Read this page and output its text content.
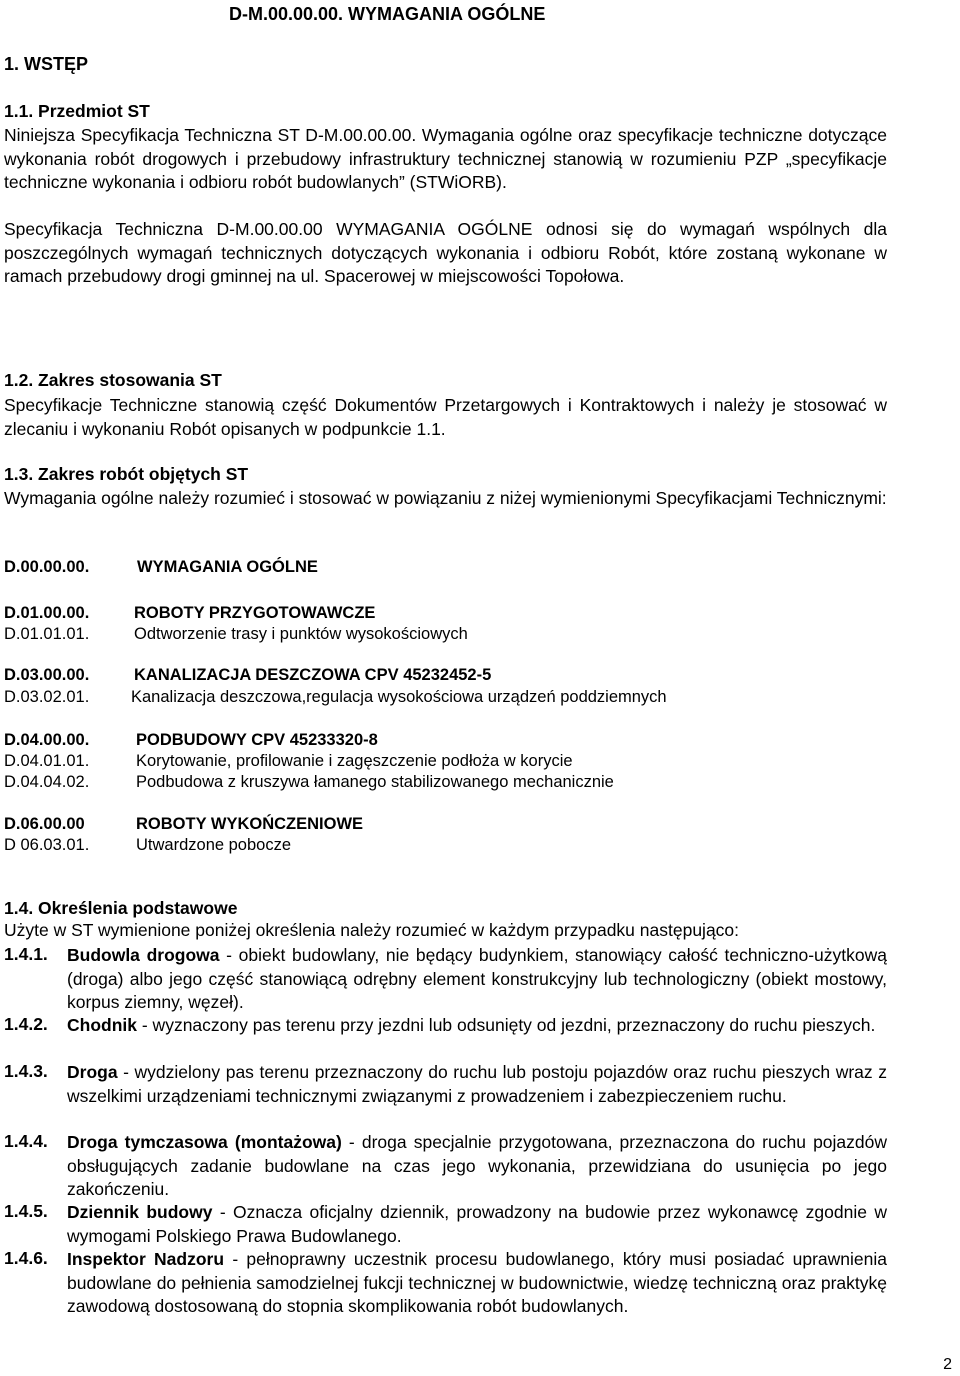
D-M.00.00.00. WYMAGANIA OGÓLNE
1. WSTĘP
1.1. Przedmiot ST
Niniejsza Specyfikacja Techniczna ST D-M.00.00.00. Wymagania ogólne oraz specyfikacje techniczne dotyczące wykonania robót drogowych i przebudowy infrastruktury technicznej stanowią w rozumieniu PZP „specyfikacje techniczne wykonania i odbioru robót budowlanych” (STWiORB).
Specyfikacja Techniczna D-M.00.00.00 WYMAGANIA OGÓLNE odnosi się do wymagań wspólnych dla poszczególnych wymagań technicznych dotyczących wykonania i odbioru Robót, które zostaną wykonane w ramach przebudowy drogi gminnej na ul. Spacerowej w miejscowości Topołowa.
1.2. Zakres stosowania ST
Specyfikacje Techniczne stanowią część Dokumentów Przetargowych i Kontraktowych i należy je stosować w zlecaniu i wykonaniu Robót opisanych w podpunkcie 1.1.
1.3. Zakres robót objętych ST
Wymagania ogólne należy rozumieć i stosować w powiązaniu z niżej wymienionymi Specyfikacjami Technicznymi:
D.00.00.00.	WYMAGANIA OGÓLNE
D.01.00.00.	ROBOTY PRZYGOTOWAWCZE
D.01.01.01.	Odtworzenie trasy i punktów wysokościowych
D.03.00.00.	KANALIZACJA DESZCZOWA CPV 45232452-5
D.03.02.01.	Kanalizacja deszczowa,regulacja wysokościowa urządzeń poddziemnych
D.04.00.00.	PODBUDOWY CPV 45233320-8
D.04.01.01.	Korytowanie, profilowanie i zagęszczenie podłoża w korycie
D.04.04.02.	Podbudowa z kruszywa łamanego stabilizowanego mechanicznie
D.06.00.00	ROBOTY WYKOŃCZENIOWE
D 06.03.01.	Utwardzone pobocze
1.4. Określenia podstawowe
Użyte w ST wymienione poniżej określenia należy rozumieć w każdym przypadku następująco:
1.4.1. Budowla drogowa - obiekt budowlany, nie będący budynkiem, stanowiący całość techniczno-użytkową (droga) albo jego część stanowiącą odrębny element konstrukcyjny lub technologiczny (obiekt mostowy, korpus ziemny, węzeł).
1.4.2. Chodnik - wyznaczony pas terenu przy jezdni lub odsunięty od jezdni, przeznaczony do ruchu pieszych.
1.4.3. Droga - wydzielony pas terenu przeznaczony do ruchu lub postoju pojazdów oraz ruchu pieszych wraz z wszelkimi urządzeniami technicznymi związanymi z prowadzeniem i zabezpieczeniem ruchu.
1.4.4. Droga tymczasowa (montażowa) - droga specjalnie przygotowana, przeznaczona do ruchu pojazdów obsługujących zadanie budowlane na czas jego wykonania, przewidziana do usunięcia po jego zakończeniu.
1.4.5. Dziennik budowy - Oznacza oficjalny dziennik, prowadzony na budowie przez wykonawcę zgodnie w wymogami Polskiego Prawa Budowlanego.
1.4.6. Inspektor Nadzoru - pełnoprawny uczestnik procesu budowlanego, który musi posiadać uprawnienia budowlane do pełnienia samodzielnej fukcji technicznej w budownictwie, wiedzę techniczną oraz praktykę zawodową dostosowaną do stopnia skomplikowania robót budowlanych.
2
